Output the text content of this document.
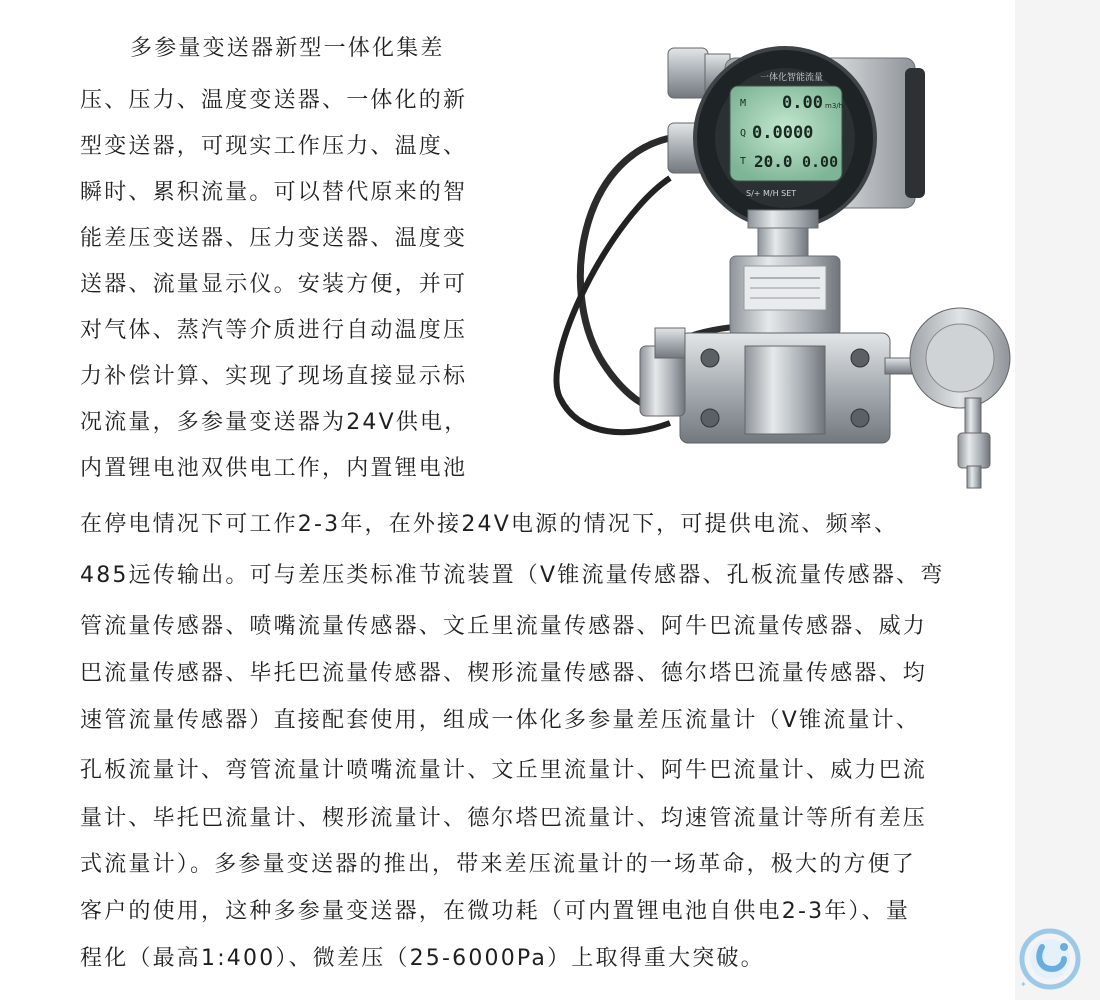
多参量变送器新型一体化集差
压、压力、温度变送器、一体化的新
型变送器，可现实工作压力、温度、
瞬时、累积流量。可以替代原来的智
能差压变送器、压力变送器、温度变
送器、流量显示仪。安装方便，并可
对气体、蒸汽等介质进行自动温度压
力补偿计算、实现了现场直接显示标
况流量，多参量变送器为24V供电，
内置锂电池双供电工作，内置锂电池
在停电情况下可工作2-3年，在外接24V电源的情况下，可提供电流、频率、
485远传输出。可与差压类标准节流装置（V锥流量传感器、孔板流量传感器、弯
管流量传感器、喷嘴流量传感器、文丘里流量传感器、阿牛巴流量传感器、威力
巴流量传感器、毕托巴流量传感器、楔形流量传感器、德尔塔巴流量传感器、均
速管流量传感器）直接配套使用，组成一体化多参量差压流量计（V锥流量计、
孔板流量计、弯管流量计喷嘴流量计、文丘里流量计、阿牛巴流量计、威力巴流
量计、毕托巴流量计、楔形流量计、德尔塔巴流量计、均速管流量计等所有差压
式流量计）。多参量变送器的推出，带来差压流量计的一场革命，极大的方便了
客户的使用，这种多参量变送器，在微功耗（可内置锂电池自供电2-3年）、量
程化（最高1:400）、微差压（25-6000Pa）上取得重大突破。
一体化智能流量
M 0.00 m3/h
Q 0.0000
T 20.0 0.00
S/+ M/H SET
✦
